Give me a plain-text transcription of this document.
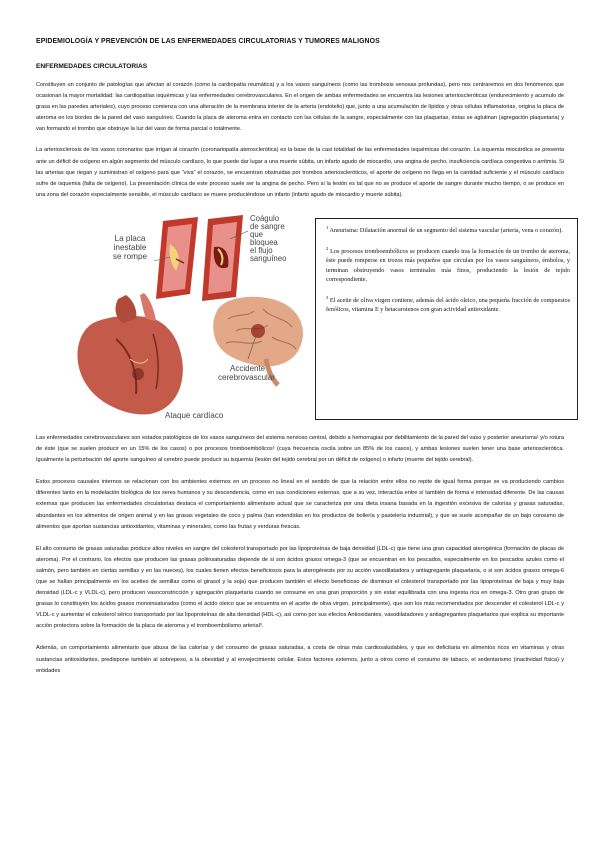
EPIDEMIOLOGÍA Y PREVENCIÓN DE LAS ENFERMEDADES CIRCULATORIAS Y TUMORES MALIGNOS
ENFERMEDADES CIRCULATORIAS

Constituyen un conjunto de patologías que afectan al corazón (como la cardiopatía reumática) y a los vasos sanguíneos (como las trombosis venosas profundas), pero nos centraremos en dos fenómenos que ocasionan la mayor mortalidad: las cardiopatías isquémicas y las enfermedades cerebrovasculares. En el origen de ambas enfermedades se encuentra las lesiones arterioscleróticas (endurecimiento y acumulo de grasa en las paredes arteriales), cuyo proceso comienza con una alteración de la membrana interior de la arteria (endotelio) que, junto a una acumulación de lípidos y otras células inflamatorias, origina la placa de ateroma en los bordes de la pared del vaso sanguíneo. Cuando la placa de ateroma entra en contacto con las células de la sangre, especialmente con las plaquetas, éstas se aglutinan (agregación plaquetaria) y van formando el trombo que obstruye la luz del vaso de forma parcial o totalmente.

La arteriosclerosis de los vasos coronarios que irrigan al corazón (coronariopatía aterosclerótica) es la base de la casi totalidad de las enfermedades isquémicas del corazón. La isquemia miocárdica se presenta ante un déficit de oxígeno en algún segmento del músculo cardíaco, lo que puede dar lugar a una muerte súbita, un infarto agudo de miocardio, una angina de pecho, insuficiencia cardíaca congestiva o arritmia. Si las arterias que riegan y suministran el oxígeno para que “viva” el corazón, se encuentran obstruidas por trombos arterioscleróticos, el aporte de oxígeno no llega en la cantidad suficiente y el músculo cardíaco sufre de isquemia (falta de oxígeno). La presentación clínica de este proceso suele ser la angina de pecho. Pero si la lesión es tal que no se produce el aporte de sangre durante mucho tiempo, o se produce en una zona del corazón especialmente sensible, el músculo cardíaco se muere produciéndose un infarto (infarto agudo de miocardio y muerte súbita).

La placa
inestable
se rompe
Coágulo
de sangre
que
bloquea
el flujo
sanguíneo
Accidente
cerebrovascular
Ataque cardíaco

$^1$ Aneurisma: Dilatación anormal de un segmento del sistema vascular (arteria, vena o corazón).

$^2$ Los procesos tromboembólicos se producen cuando tras la formación de un trombo de ateroma, éste puede romperse en trozos más pequeños que circulan por los vasos sanguíneos, émbolos, y terminan obstruyendo vasos terminales más finos, produciendo la lesión de tejido correspondiente.

$^3$ El aceite de oliva virgen contiene, además del ácido oleico, una pequeña fracción de compuestos fenólicos, vitamina E y betacarotenos con gran actividad antioxidante.

Las enfermedades cerebrovasculares son estados patológicos de los vasos sanguíneos del sistema nervioso central, debido a hemorragias por debilitamiento de la pared del vaso y posterior aneurisma¹ y/o rotura de éste (que se suelen producir en un 15% de los casos) o por procesos tromboembólicos² (cuya frecuencia oscila sobre un 85% de los casos), y ambas lesiones suelen tener una base arteriosclerótica. Igualmente la perturbación del aporte sanguíneo al cerebro puede producir su isquemia (lesión del tejido cerebral por un déficit de oxígeno) o infarto (muerte del tejido cerebral).

Estos procesos causales internos se relacionan con los ambientes externos en un proceso no lineal en el sentido de que la relación entre ellos no repite de igual forma porque se va produciendo cambios diferentes tanto en la modelación biológica de los seres humanos y su descendencia, como en sus condiciones externas, que a su vez, interactúa entre sí también de forma e intensidad diferente. De las causas externas que producen las enfermedades circulatorias destaca el comportamiento alimentario actual que se caracteriza por una dieta insana basada en la ingestión excesiva de calorías y grasas saturadas, abundantes en los alimentos de origen animal y en las grasas vegetales de coco y palma (tan extendidas en los productos de bollería y pastelería industrial), y que se suele acompañar de un bajo consumo de alimentos que aportan sustancias antioxidantes, vitaminas y minerales, como las frutas y verduras frescas.

El alto consumo de grasas saturadas produce altos niveles en sangre del colesterol transportado por las lipoproteínas de baja densidad (LDL-c) que tiene una gran capacidad aterogénica (formación de placas de ateroma). Por el contrario, los efectos que producen las grasas poliinsaturadas depende de si son ácidos grasos omega-3 (que se encuentran en los pescados, especialmente en los pescados azules como el salmón, pero también en ciertas semillas y en las nueces), los cuales tienen efectos beneficiosos para la aterogénesis por su acción vasodilatadora y antiagregante plaquetaria, o si son ácidos grasos omega-6 (que se hallan principalmente en los aceites de semillas como el girasol y la soja) que producen también el efecto beneficioso de disminuir el colesterol transportado por las lipoproteínas de baja y muy baja densidad (LDL-c y VLDL-c), pero producen vasoconstricción y agregación plaquetaria cuando se consume en una gran proporción y sin estar equilibrada con una ingesta rica en omega-3. Otro gran grupo de grasas lo constituyen los ácidos grasos monoinsaturados (como el ácido oleico que se encuentra en el aceite de oliva virgen, principalmente), que son los más recomendados por descender el colesterol LDL-c y VLDL-c y aumentar el colesterol sérico transportado por las lipoproteínas de alta densidad (HDL-c), así como por sus efectos Antioxidantes, vasodilatadores y antiagregantes plaquetarios que explica su importante acción protectora sobre la formación de la placa de ateroma y el tromboembolismo arterial³.

Además, un comportamiento alimentario que abusa de las calorías y del consumo de grasas saturadas, a costa de otras más cardiosaludables, y que es deficitaria en alimentos ricos en vitaminas y otras sustancias antioxidantes, predispone también al sobrepeso, a la obesidad y al envejecimiento celular. Estos factores externos, junto a otros como el consumo de tabaco, el sedentarismo (inactividad física) y entidades
